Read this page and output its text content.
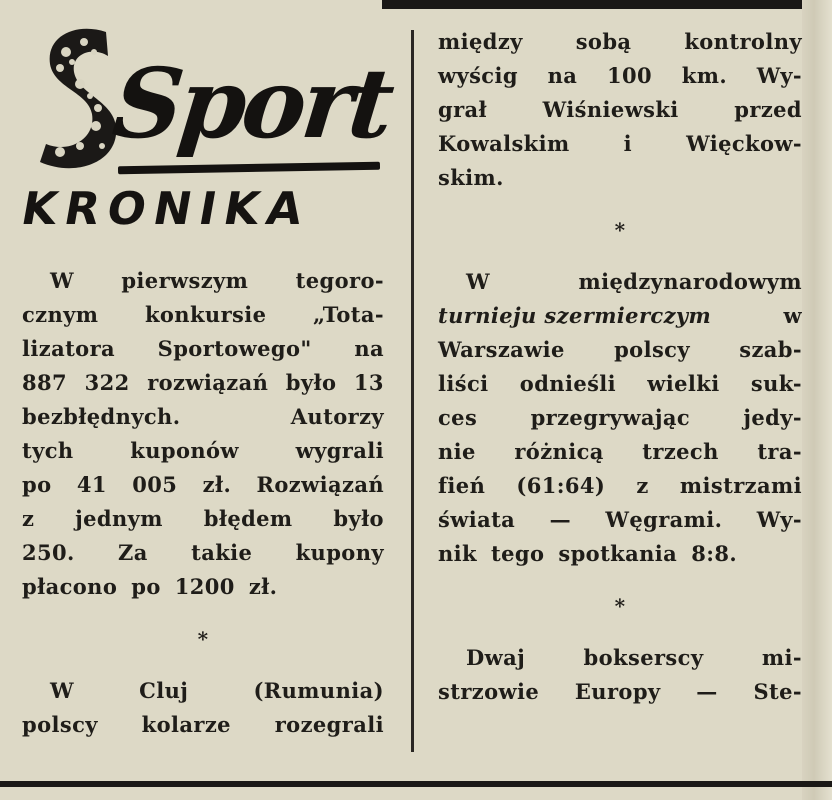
Sport
KRONIKA
W pierwszym tegoro-
cznym konkursie „Tota-
lizatora Sportowego" na
887 322 rozwiązań było 13
bezbłędnych.	Autorzy
tych	kuponów	wygrali
po 41 005 zł. Rozwiązań
z jednym błędem było
250. Za takie kupony
płacono po 1200 zł.
*
W	Cluj	(Rumunia)
polscy kolarze rozegrali
między	sobą	kontrolny
wyścig na 100 km. Wy-
grał	Wiśniewski	przed
Kowalskim	i	Więckow-
skim.
*
W	międzynarodowym
turnieju szermierczym	w
Warszawie polscy szab-
liści odnieśli wielki suk-
ces	przegrywając	jedy-
nie różnicą trzech tra-
fień (61:64) z mistrzami
świata — Węgrami. Wy-
nik tego spotkania 8:8.
*
Dwaj	bokserscy	mi-
strzowie Europy — Ste-
